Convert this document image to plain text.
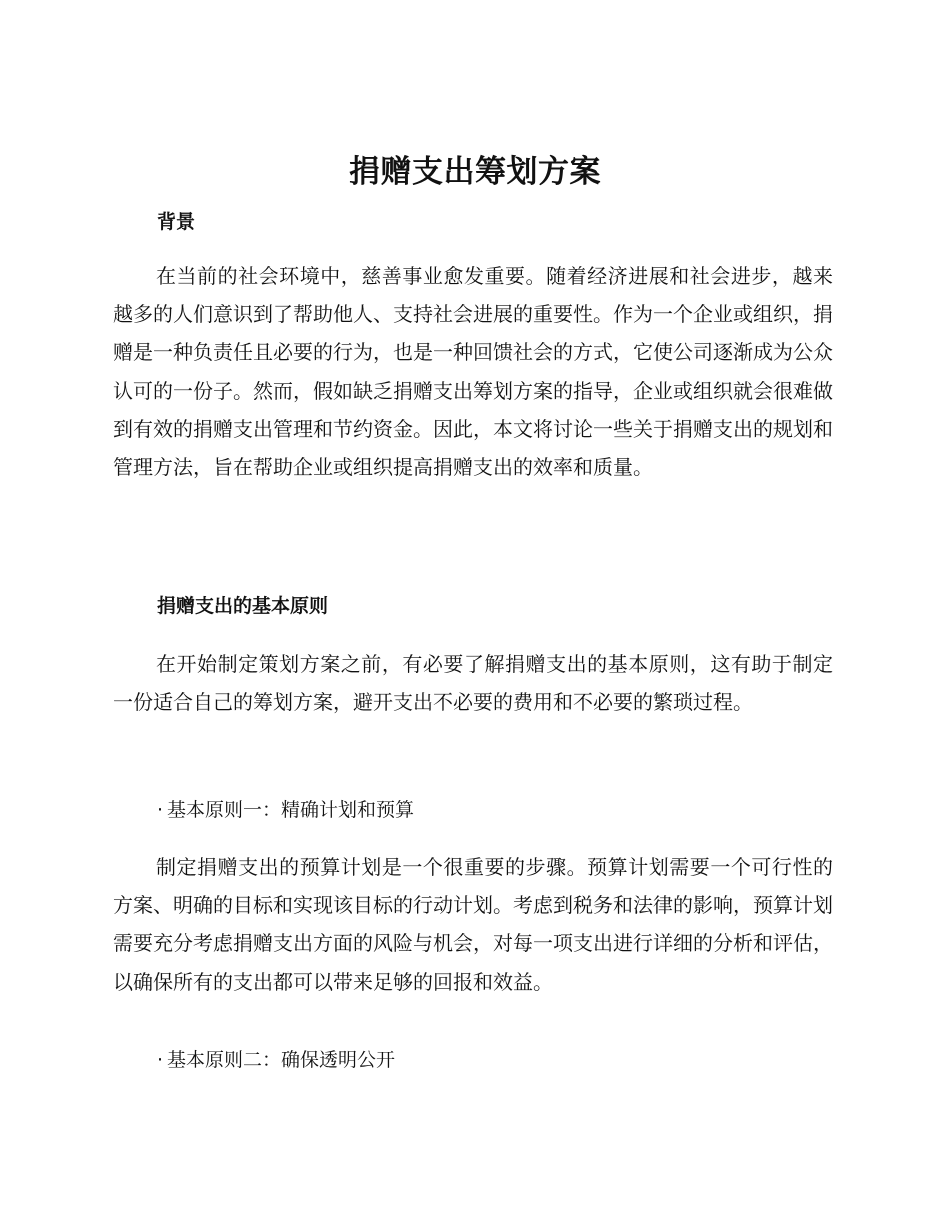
捐赠支出筹划方案
背景

在当前的社会环境中，慈善事业愈发重要。随着经济进展和社会进步，越来越多的人们意识到了帮助他人、支持社会进展的重要性。作为一个企业或组织，捐赠是一种负责任且必要的行为，也是一种回馈社会的方式，它使公司逐渐成为公众认可的一份子。然而，假如缺乏捐赠支出筹划方案的指导，企业或组织就会很难做到有效的捐赠支出管理和节约资金。因此，本文将讨论一些关于捐赠支出的规划和管理方法，旨在帮助企业或组织提高捐赠支出的效率和质量。

捐赠支出的基本原则

在开始制定策划方案之前，有必要了解捐赠支出的基本原则，这有助于制定一份适合自己的筹划方案，避开支出不必要的费用和不必要的繁琐过程。

· 基本原则一：精确计划和预算

制定捐赠支出的预算计划是一个很重要的步骤。预算计划需要一个可行性的方案、明确的目标和实现该目标的行动计划。考虑到税务和法律的影响，预算计划需要充分考虑捐赠支出方面的风险与机会，对每一项支出进行详细的分析和评估，以确保所有的支出都可以带来足够的回报和效益。

· 基本原则二：确保透明公开
